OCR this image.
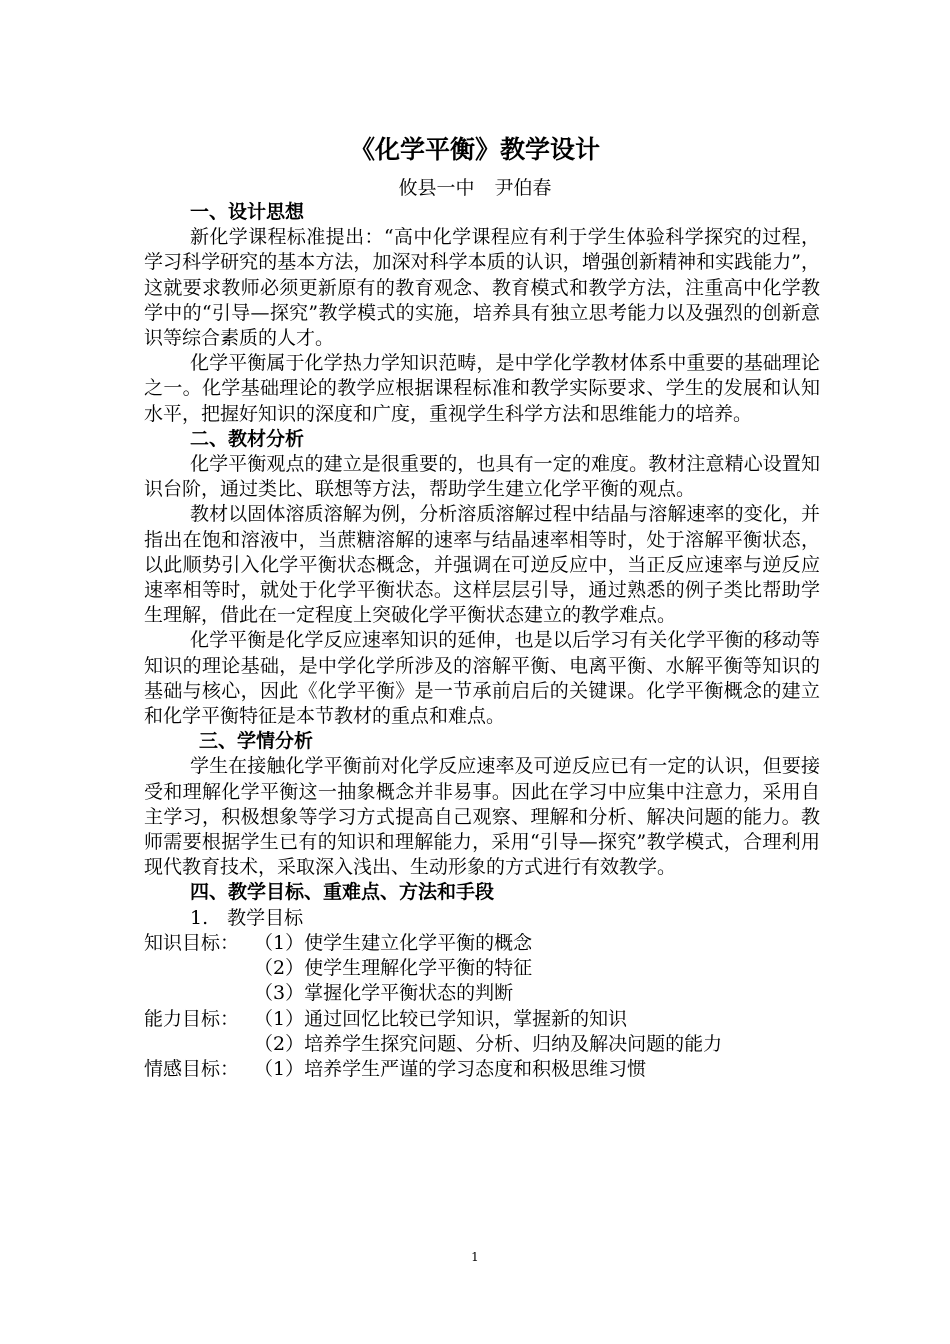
《化学平衡》教学设计
攸县一中 尹伯春

一、设计思想

新化学课程标准提出：“高中化学课程应有利于学生体验科学探究的过程，学习科学研究的基本方法，加深对科学本质的认识，增强创新精神和实践能力”，这就要求教师必须更新原有的教育观念、教育模式和教学方法，注重高中化学教学中的“引导—探究”教学模式的实施，培养具有独立思考能力以及强烈的创新意识等综合素质的人才。

化学平衡属于化学热力学知识范畴，是中学化学教材体系中重要的基础理论之一。化学基础理论的教学应根据课程标准和教学实际要求、学生的发展和认知水平，把握好知识的深度和广度，重视学生科学方法和思维能力的培养。

二、教材分析

化学平衡观点的建立是很重要的，也具有一定的难度。教材注意精心设置知识台阶，通过类比、联想等方法，帮助学生建立化学平衡的观点。

教材以固体溶质溶解为例，分析溶质溶解过程中结晶与溶解速率的变化，并指出在饱和溶液中，当蔗糖溶解的速率与结晶速率相等时，处于溶解平衡状态，以此顺势引入化学平衡状态概念，并强调在可逆反应中，当正反应速率与逆反应速率相等时，就处于化学平衡状态。这样层层引导，通过熟悉的例子类比帮助学生理解，借此在一定程度上突破化学平衡状态建立的教学难点。

化学平衡是化学反应速率知识的延伸，也是以后学习有关化学平衡的移动等知识的理论基础，是中学化学所涉及的溶解平衡、电离平衡、水解平衡等知识的基础与核心，因此《化学平衡》是一节承前启后的关键课。化学平衡概念的建立和化学平衡特征是本节教材的重点和难点。

三、学情分析

学生在接触化学平衡前对化学反应速率及可逆反应已有一定的认识，但要接受和理解化学平衡这一抽象概念并非易事。因此在学习中应集中注意力，采用自主学习，积极想象等学习方式提高自己观察、理解和分析、解决问题的能力。教师需要根据学生已有的知识和理解能力，采用“引导—探究”教学模式，合理利用现代教育技术，采取深入浅出、生动形象的方式进行有效教学。

四、教学目标、重难点、方法和手段

1.　教学目标

知识目标： （1）使学生建立化学平衡的概念

（2）使学生理解化学平衡的特征

（3）掌握化学平衡状态的判断

能力目标： （1）通过回忆比较已学知识，掌握新的知识

（2）培养学生探究问题、分析、归纳及解决问题的能力

情感目标： （1）培养学生严谨的学习态度和积极思维习惯
1
